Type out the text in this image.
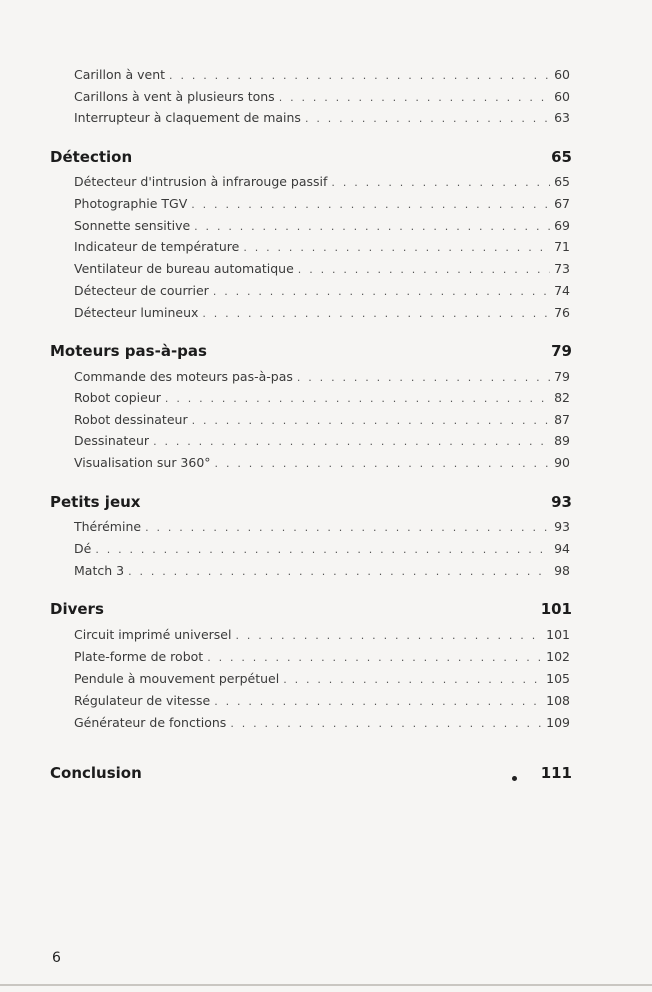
Carillon à vent . . .	60
Carillons à vent à plusieurs tons . . .	60
Interrupteur à claquement de mains . . .	63
Détection	65
Détecteur d'intrusion à infrarouge passif . . .	65
Photographie TGV . . .	67
Sonnette sensitive . . .	69
Indicateur de température . . .	71
Ventilateur de bureau automatique . . .	73
Détecteur de courrier . . .	74
Détecteur lumineux . . .	76
Moteurs pas-à-pas	79
Commande des moteurs pas-à-pas . . .	79
Robot copieur . . .	82
Robot dessinateur . . .	87
Dessinateur . . .	89
Visualisation sur 360° . . .	90
Petits jeux	93
Thérémine . . .	93
Dé . . .	94
Match 3 . . .	98
Divers	101
Circuit imprimé universel . . .	101
Plate-forme de robot . . .	102
Pendule à mouvement perpétuel . . .	105
Régulateur de vitesse . . .	108
Générateur de fonctions . . .	109
Conclusion	111
6
